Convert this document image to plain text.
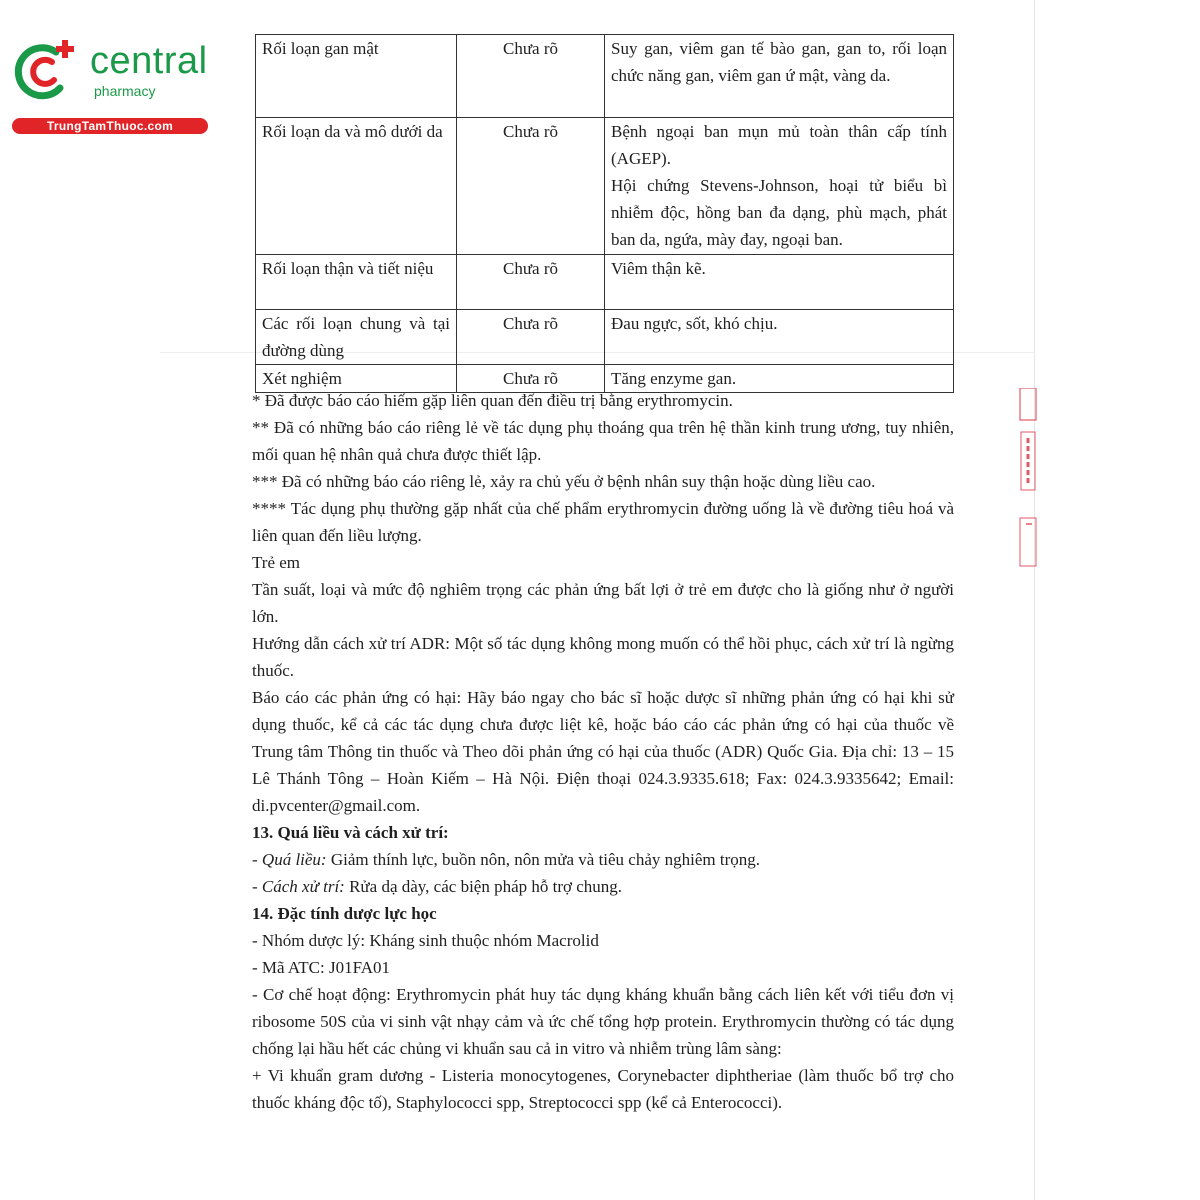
central
pharmacy
TrungTamThuoc.com
Rối loạn gan mật	Chưa rõ	Suy gan, viêm gan tế bào gan, gan to, rối loạn chức năng gan, viêm gan ứ mật, vàng da.
Rối loạn da và mô dưới da	Chưa rõ	Bệnh ngoại ban mụn mủ toàn thân cấp tính (AGEP).
Hội chứng Stevens-Johnson, hoại tử biểu bì nhiễm độc, hồng ban đa dạng, phù mạch, phát ban da, ngứa, mày đay, ngoại ban.

Rối loạn thận và tiết niệu	Chưa rõ	Viêm thận kẽ.
Các rối loạn chung và tại đường dùng	Chưa rõ	Đau ngực, sốt, khó chịu.
Xét nghiệm	Chưa rõ	Tăng enzyme gan.

* Đã được báo cáo hiếm gặp liên quan đến điều trị bằng erythromycin.

** Đã có những báo cáo riêng lẻ về tác dụng phụ thoáng qua trên hệ thần kinh trung ương, tuy nhiên, mối quan hệ nhân quả chưa được thiết lập.

*** Đã có những báo cáo riêng lẻ, xảy ra chủ yếu ở bệnh nhân suy thận hoặc dùng liều cao.

**** Tác dụng phụ thường gặp nhất của chế phẩm erythromycin đường uống là về đường tiêu hoá và liên quan đến liều lượng.

Trẻ em

Tần suất, loại và mức độ nghiêm trọng các phản ứng bất lợi ở trẻ em được cho là giống như ở người lớn.

Hướng dẫn cách xử trí ADR: Một số tác dụng không mong muốn có thể hồi phục, cách xử trí là ngừng thuốc.

Báo cáo các phản ứng có hại: Hãy báo ngay cho bác sĩ hoặc dược sĩ những phản ứng có hại khi sử dụng thuốc, kể cả các tác dụng chưa được liệt kê, hoặc báo cáo các phản ứng có hại của thuốc về Trung tâm Thông tin thuốc và Theo dõi phản ứng có hại của thuốc (ADR) Quốc Gia. Địa chỉ: 13 – 15 Lê Thánh Tông – Hoàn Kiếm – Hà Nội. Điện thoại 024.3.9335.618; Fax: 024.3.9335642; Email: di.pvcenter@gmail.com.

13. Quá liều và cách xử trí:

- Quá liều: Giảm thính lực, buồn nôn, nôn mửa và tiêu chảy nghiêm trọng.

- Cách xử trí: Rửa dạ dày, các biện pháp hỗ trợ chung.

14. Đặc tính dược lực học

- Nhóm dược lý: Kháng sinh thuộc nhóm Macrolid

- Mã ATC: J01FA01

- Cơ chế hoạt động: Erythromycin phát huy tác dụng kháng khuẩn bằng cách liên kết với tiểu đơn vị ribosome 50S của vi sinh vật nhạy cảm và ức chế tổng hợp protein. Erythromycin thường có tác dụng chống lại hầu hết các chủng vi khuẩn sau cả in vitro và nhiễm trùng lâm sàng:

+ Vi khuẩn gram dương - Listeria monocytogenes, Corynebacter diphtheriae (làm thuốc bổ trợ cho thuốc kháng độc tố), Staphylococci spp, Streptococci spp (kể cả Enterococci).
